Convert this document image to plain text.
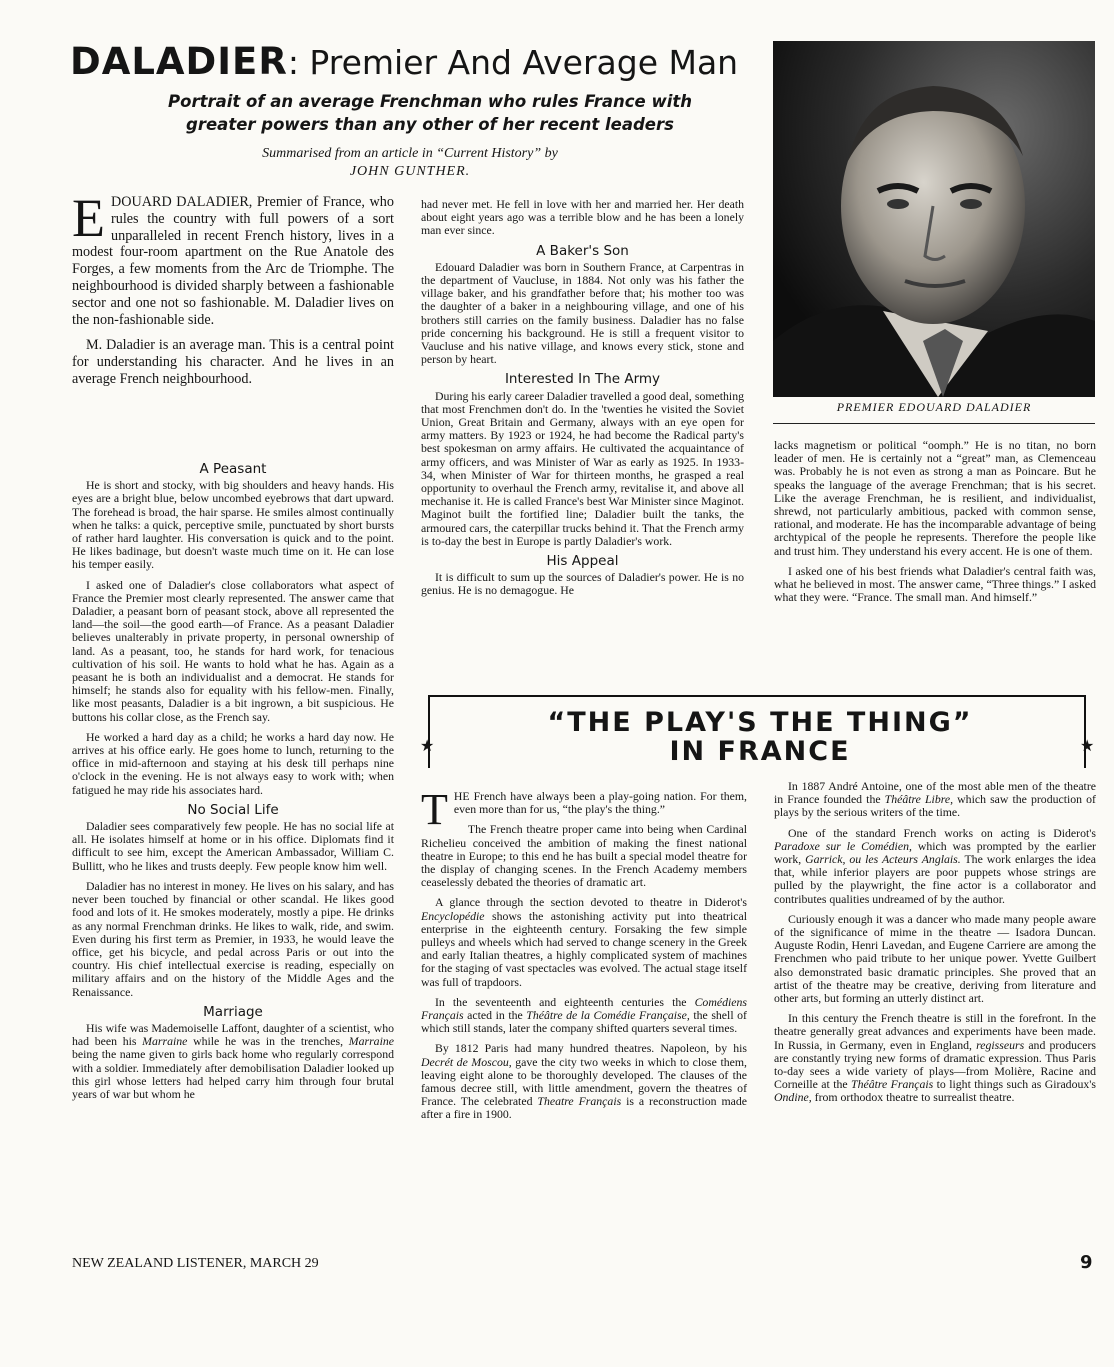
DALADIER: Premier And Average Man
Portrait of an average Frenchman who rules France with
greater powers than any other of her recent leaders
Summarised from an article in “Current History” by
JOHN GUNTHER.
PREMIER EDOUARD DALADIER

EDOUARD DALADIER, Premier of France, who rules the country with full powers of a sort unparalleled in recent French history, lives in a modest four-room apartment on the Rue Anatole des Forges, a few moments from the Arc de Triomphe. The neighbourhood is divided sharply between a fashionable sector and one not so fashionable. M. Daladier lives on the non-fashionable side.

M. Daladier is an average man. This is a central point for understanding his character. And he lives in an average French neighbourhood.

A Peasant

He is short and stocky, with big shoulders and heavy hands. His eyes are a bright blue, below uncombed eyebrows that dart upward. The forehead is broad, the hair sparse. He smiles almost continually when he talks: a quick, perceptive smile, punctuated by short bursts of rather hard laughter. His conversation is quick and to the point. He likes badinage, but doesn't waste much time on it. He can lose his temper easily.

I asked one of Daladier's close collaborators what aspect of France the Premier most clearly represented. The answer came that Daladier, a peasant born of peasant stock, above all represented the land—the soil—the good earth—of France. As a peasant Daladier believes unalterably in private property, in personal ownership of land. As a peasant, too, he stands for hard work, for tenacious cultivation of his soil. He wants to hold what he has. Again as a peasant he is both an individualist and a democrat. He stands for himself; he stands also for equality with his fellow-men. Finally, like most peasants, Daladier is a bit ingrown, a bit suspicious. He buttons his collar close, as the French say.

He worked a hard day as a child; he works a hard day now. He arrives at his office early. He goes home to lunch, returning to the office in mid-afternoon and staying at his desk till perhaps nine o'clock in the evening. He is not always easy to work with; when fatigued he may ride his associates hard.

No Social Life

Daladier sees comparatively few people. He has no social life at all. He isolates himself at home or in his office. Diplomats find it difficult to see him, except the American Ambassador, William C. Bullitt, who he likes and trusts deeply. Few people know him well.

Daladier has no interest in money. He lives on his salary, and has never been touched by financial or other scandal. He likes good food and lots of it. He smokes moderately, mostly a pipe. He drinks as any normal Frenchman drinks. He likes to walk, ride, and swim. Even during his first term as Premier, in 1933, he would leave the office, get his bicycle, and pedal across Paris or out into the country. His chief intellectual exercise is reading, especially on military affairs and on the history of the Middle Ages and the Renaissance.

Marriage

His wife was Mademoiselle Laffont, daughter of a scientist, who had been his Marraine while he was in the trenches, Marraine being the name given to girls back home who regularly correspond with a soldier. Immediately after demobilisation Daladier looked up this girl whose letters had helped carry him through four brutal years of war but whom he

had never met. He fell in love with her and married her. Her death about eight years ago was a terrible blow and he has been a lonely man ever since.

A Baker's Son

Edouard Daladier was born in Southern France, at Carpentras in the department of Vaucluse, in 1884. Not only was his father the village baker, and his grandfather before that; his mother too was the daughter of a baker in a neighbouring village, and one of his brothers still carries on the family business. Daladier has no false pride concerning his background. He is still a frequent visitor to Vaucluse and his native village, and knows every stick, stone and person by heart.

Interested In The Army

During his early career Daladier travelled a good deal, something that most Frenchmen don't do. In the 'twenties he visited the Soviet Union, Great Britain and Germany, always with an eye open for army matters. By 1923 or 1924, he had become the Radical party's best spokesman on army affairs. He cultivated the acquaintance of army officers, and was Minister of War as early as 1925. In 1933-34, when Minister of War for thirteen months, he grasped a real opportunity to overhaul the French army, revitalise it, and above all mechanise it. He is called France's best War Minister since Maginot. Maginot built the fortified line; Daladier built the tanks, the armoured cars, the caterpillar trucks behind it. That the French army is to-day the best in Europe is partly Daladier's work.

His Appeal

It is difficult to sum up the sources of Daladier's power. He is no genius. He is no demagogue. He

lacks magnetism or political “oomph.” He is no titan, no born leader of men. He is certainly not a “great” man, as Clemenceau was. Probably he is not even as strong a man as Poincare. But he speaks the language of the average Frenchman; that is his secret. Like the average Frenchman, he is resilient, and individualist, shrewd, not particularly ambitious, packed with common sense, rational, and moderate. He has the incomparable advantage of being archtypical of the people he represents. Therefore the people like and trust him. They understand his every accent. He is one of them.

I asked one of his best friends what Daladier's central faith was, what he believed in most. The answer came, “Three things.” I asked what they were. “France. The small man. And himself.”

★	★
“THE PLAY'S THE THING”
IN FRANCE

THE French have always been a play-going nation. For them, even more than for us, “the play's the thing.”

The French theatre proper came into being when Cardinal Richelieu conceived the ambition of making the finest national theatre in Europe; to this end he has built a special model theatre for the display of changing scenes. In the French Academy members ceaselessly debated the theories of dramatic art.

A glance through the section devoted to theatre in Diderot's Encyclopédie shows the astonishing activity put into theatrical enterprise in the eighteenth century. Forsaking the few simple pulleys and wheels which had served to change scenery in the Greek and early Italian theatres, a highly complicated system of machines for the staging of vast spectacles was evolved. The actual stage itself was full of trapdoors.

In the seventeenth and eighteenth centuries the Comédiens Français acted in the Théâtre de la Comédie Française, the shell of which still stands, later the company shifted quarters several times.

By 1812 Paris had many hundred theatres. Napoleon, by his Decrét de Moscou, gave the city two weeks in which to close them, leaving eight alone to be thoroughly developed. The clauses of the famous decree still, with little amendment, govern the theatres of France. The celebrated Theatre Français is a reconstruction made after a fire in 1900.

In 1887 André Antoine, one of the most able men of the theatre in France founded the Théâtre Libre, which saw the production of plays by the serious writers of the time.

One of the standard French works on acting is Diderot's Paradoxe sur le Comédien, which was prompted by the earlier work, Garrick, ou les Acteurs Anglais. The work enlarges the idea that, while inferior players are poor puppets whose strings are pulled by the playwright, the fine actor is a collaborator and contributes qualities undreamed of by the author.

Curiously enough it was a dancer who made many people aware of the significance of mime in the theatre — Isadora Duncan. Auguste Rodin, Henri Lavedan, and Eugene Carriere are among the Frenchmen who paid tribute to her unique power. Yvette Guilbert also demonstrated basic dramatic principles. She proved that an artist of the theatre may be creative, deriving from literature and other arts, but forming an utterly distinct art.

In this century the French theatre is still in the forefront. In the theatre generally great advances and experiments have been made. In Russia, in Germany, even in England, regisseurs and producers are constantly trying new forms of dramatic expression. Thus Paris to-day sees a wide variety of plays—from Molière, Racine and Corneille at the Théâtre Français to light things such as Giradoux's Ondine, from orthodox theatre to surrealist theatre.

NEW ZEALAND LISTENER, MARCH 29	9
